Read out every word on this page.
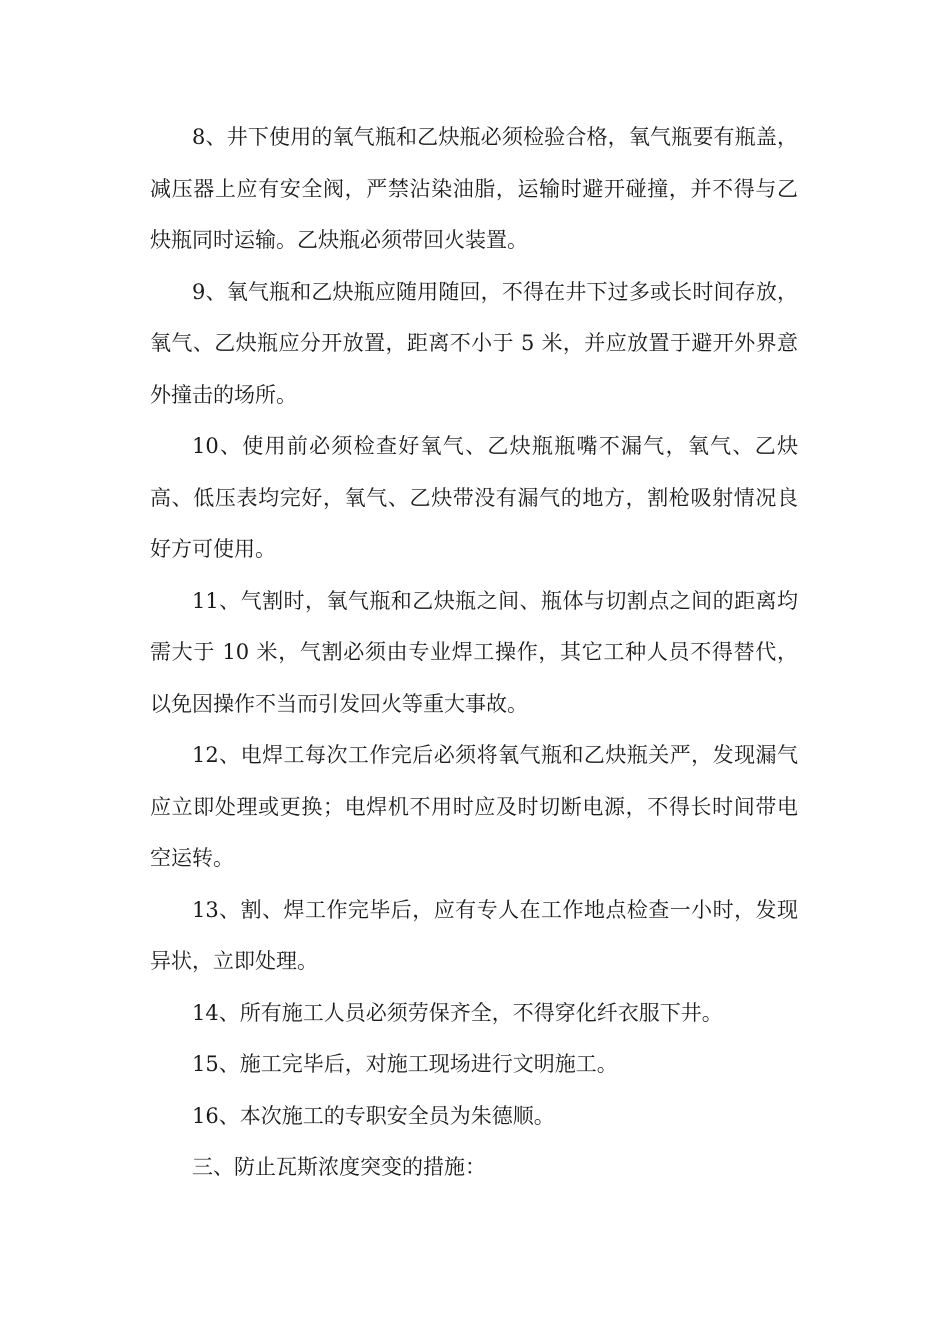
8、井下使用的氧气瓶和乙炔瓶必须检验合格，氧气瓶要有瓶盖，减压器上应有安全阀，严禁沾染油脂，运输时避开碰撞，并不得与乙炔瓶同时运输。乙炔瓶必须带回火装置。

9、氧气瓶和乙炔瓶应随用随回，不得在井下过多或长时间存放，氧气、乙炔瓶应分开放置，距离不小于 5 米，并应放置于避开外界意外撞击的场所。

10、使用前必须检查好氧气、乙炔瓶瓶嘴不漏气，氧气、乙炔高、低压表均完好，氧气、乙炔带没有漏气的地方，割枪吸射情况良好方可使用。

11、气割时，氧气瓶和乙炔瓶之间、瓶体与切割点之间的距离均需大于 10 米，气割必须由专业焊工操作，其它工种人员不得替代，以免因操作不当而引发回火等重大事故。

12、电焊工每次工作完后必须将氧气瓶和乙炔瓶关严，发现漏气应立即处理或更换；电焊机不用时应及时切断电源，不得长时间带电空运转。

13、割、焊工作完毕后，应有专人在工作地点检查一小时，发现异状，立即处理。

14、所有施工人员必须劳保齐全，不得穿化纤衣服下井。

15、施工完毕后，对施工现场进行文明施工。

16、本次施工的专职安全员为朱德顺。

三、防止瓦斯浓度突变的措施：
